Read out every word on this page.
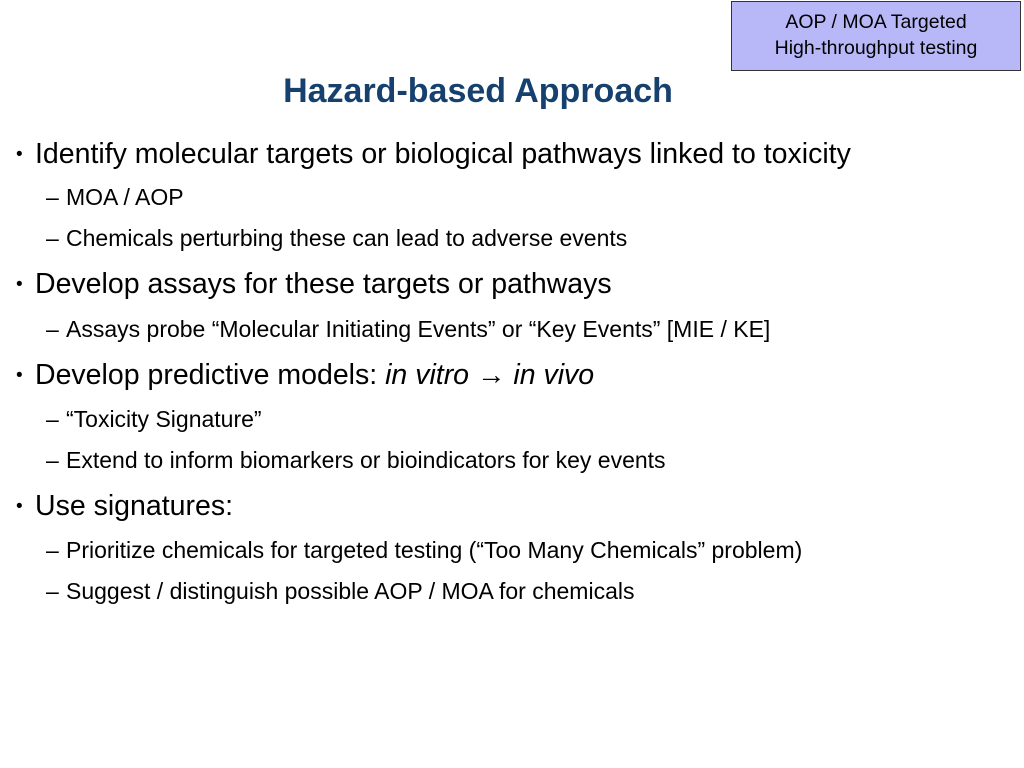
AOP / MOA Targeted
High-throughput testing
Hazard-based Approach
• Identify molecular targets or biological pathways linked to toxicity
– MOA / AOP
– Chemicals perturbing these can lead to adverse events
• Develop assays for these targets or pathways
– Assays probe “Molecular Initiating Events” or “Key Events” [MIE / KE]
• Develop predictive models: in vitro → in vivo
– “Toxicity Signature”
– Extend to inform biomarkers or bioindicators for key events
• Use signatures:
– Prioritize chemicals for targeted testing (“Too Many Chemicals” problem)
– Suggest / distinguish possible AOP / MOA for chemicals
